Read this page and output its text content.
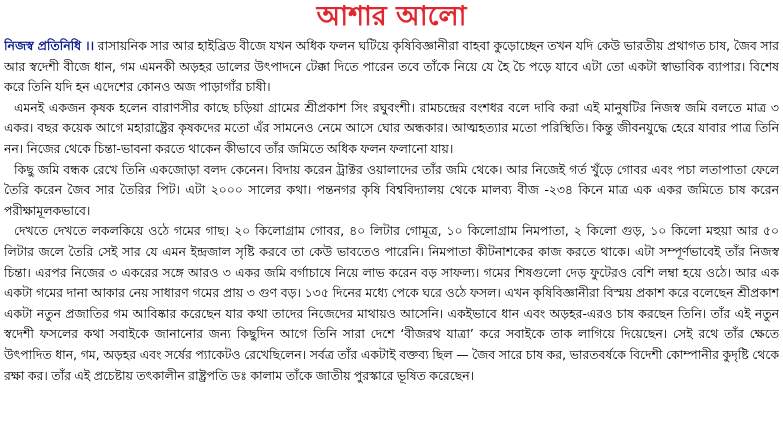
আশার আলো

নিজস্ব প্রতিনিধি ।। রাসায়নিক সার আর হাইব্রিড বীজে যখন অধিক ফলন ঘটিয়ে কৃষিবিজ্ঞানীরা বাহবা কুড়োচ্ছেন তখন যদি কেউ ভারতীয় প্রথাগত চাষ, জৈব সার আর স্বদেশী বীজে ধান, গম এমনকী অড়হর ডালের উৎপাদনে টেক্কা দিতে পারেন তবে তাঁকে নিয়ে যে হৈ চৈ পড়ে যাবে এটা তো একটা স্বাভাবিক ব্যাপার। বিশেষ করে তিনি যদি হন এদেশের কোনও অজ পাড়াগাঁর চাষী।

এমনই একজন কৃষক হলেন বারাণসীর কাছে চড়িয়া গ্রামের শ্রীপ্রকাশ সিং রঘুবংশী। রামচন্দ্রের বংশধর বলে দাবি করা এই মানুষটির নিজস্ব জমি বলতে মাত্র ৩ একর। বছর কয়েক আগে মহারাষ্ট্রের কৃষকদের মতো এঁর সামনেও নেমে আসে ঘোর অন্ধকার। আত্মহত্যার মতো পরিস্থিতি। কিন্তু জীবনযুদ্ধে হেরে যাবার পাত্র তিনি নন। নিজের থেকে চিন্তা-ভাবনা করতে থাকেন কীভাবে তাঁর জমিতে অধিক ফলন ফলানো যায়।

কিছু জমি বন্ধক রেখে তিনি একজোড়া বলদ কেনেন। বিদায় করেন ট্রাক্টর ওয়ালাদের তাঁর জমি থেকে। আর নিজেই গর্ত খুঁড়ে গোবর এবং পচা লতাপাতা ফেলে তৈরি করেন জৈব সার তৈরির পিট। এটা ২০০০ সালের কথা। পন্তনগর কৃষি বিশ্ববিদ্যালয় থেকে মালব্য বীজ -২৩৪ কিনে মাত্র এক একর জমিতে চাষ করেন পরীক্ষামূলকভাবে।

দেখতে দেখতে লকলকিয়ে ওঠে গমের গাছ। ২০ কিলোগ্রাম গোবর, ৪০ লিটার গোমূত্র, ১০ কিলোগ্রাম নিমপাতা, ২ কিলো গুড়, ১০ কিলো মহুয়া আর ৫০ লিটার জলে তৈরি সেই সার যে এমন ইন্দ্রজাল সৃষ্টি করবে তা কেউ ভাবতেও পারেনি। নিমপাতা কীটনাশকের কাজ করতে থাকে। এটা সম্পূর্ণভাবেই তাঁর নিজস্ব চিন্তা। এরপর নিজের ৩ একরের সঙ্গে আরও ৩ একর জমি বর্গাচাষে নিয়ে লাভ করেন বড় সাফল্য। গমের শিষগুলো দেড় ফুটেরও বেশি লম্বা হয়ে ওঠে। আর এক একটা গমের দানা আকার নেয় সাধারণ গমের প্রায় ৩ গুণ বড়। ১৩৫ দিনের মধ্যে পেকে ঘরে ওঠে ফসল। এখন কৃষিবিজ্ঞানীরা বিস্ময় প্রকাশ করে বলেছেন শ্রীপ্রকাশ একটা নতুন প্রজাতির গম আবিষ্কার করেছেন যার কথা তাদের নিজেদের মাথায়ও আসেনি। একইভাবে ধান এবং অড়হর-এরও চাষ করছেন তিনি। তাঁর এই নতুন স্বদেশী ফসলের কথা সবাইকে জানানোর জন্য কিছুদিন আগে তিনি সারা দেশে ‘বীজরথ যাত্রা’ করে সবাইকে তাক লাগিয়ে দিয়েছেন। সেই রথে তাঁর ক্ষেতে উৎপাদিত ধান, গম, অড়হর এবং সর্ষের প্যাকেটও রেখেছিলেন। সর্বত্র তাঁর একটাই বক্তব্য ছিল — জৈব সারে চাষ কর, ভারতবর্ষকে বিদেশী কোম্পানীর কুদৃষ্টি থেকে রক্ষা কর। তাঁর এই প্রচেষ্টায় তৎকালীন রাষ্ট্রপতি ডঃ কালাম তাঁকে জাতীয় পুরস্কারে ভূষিত করেছেন।
